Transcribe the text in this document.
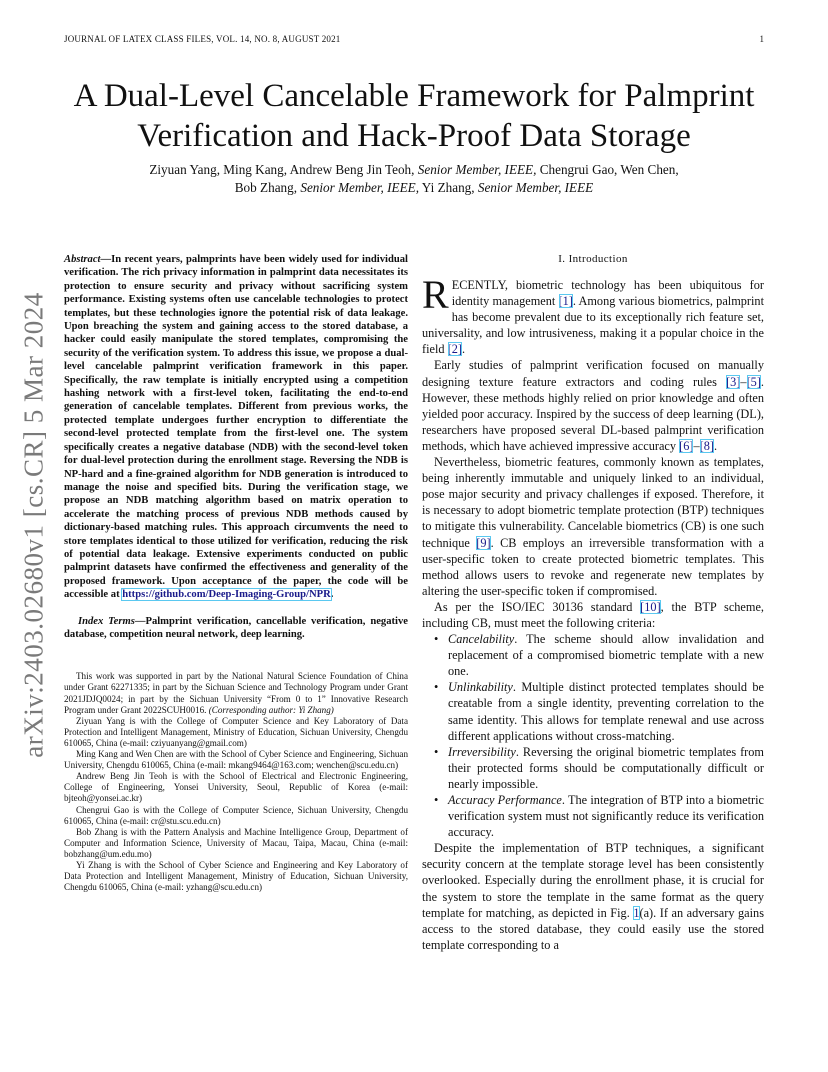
JOURNAL OF LATEX CLASS FILES, VOL. 14, NO. 8, AUGUST 2021	1
arXiv:2403.02680v1 [cs.CR] 5 Mar 2024
A Dual-Level Cancelable Framework for Palmprint Verification and Hack-Proof Data Storage
Ziyuan Yang, Ming Kang, Andrew Beng Jin Teoh, Senior Member, IEEE, Chengrui Gao, Wen Chen,
Bob Zhang, Senior Member, IEEE, Yi Zhang, Senior Member, IEEE
Abstract—In recent years, palmprints have been widely used for individual verification. The rich privacy information in palmprint data necessitates its protection to ensure security and privacy without sacrificing system performance. Existing systems often use cancelable technologies to protect templates, but these technologies ignore the potential risk of data leakage. Upon breaching the system and gaining access to the stored database, a hacker could easily manipulate the stored templates, compromising the security of the verification system. To address this issue, we propose a dual-level cancelable palmprint verification framework in this paper. Specifically, the raw template is initially encrypted using a competition hashing network with a first-level token, facilitating the end-to-end generation of cancelable templates. Different from previous works, the protected template undergoes further encryption to differentiate the second-level protected template from the first-level one. The system specifically creates a negative database (NDB) with the second-level token for dual-level protection during the enrollment stage. Reversing the NDB is NP-hard and a fine-grained algorithm for NDB generation is introduced to manage the noise and specified bits. During the verification stage, we propose an NDB matching algorithm based on matrix operation to accelerate the matching process of previous NDB methods caused by dictionary-based matching rules. This approach circumvents the need to store templates identical to those utilized for verification, reducing the risk of potential data leakage. Extensive experiments conducted on public palmprint datasets have confirmed the effectiveness and generality of the proposed framework. Upon acceptance of the paper, the code will be accessible at https://github.com/Deep-Imaging-Group/NPR.
Index Terms—Palmprint verification, cancellable verification, negative database, competition neural network, deep learning.

This work was supported in part by the National Natural Science Foundation of China under Grant 62271335; in part by the Sichuan Science and Technology Program under Grant 2021JDJQ0024; in part by the Sichuan University “From 0 to 1” Innovative Research Program under Grant 2022SCUH0016. (Corresponding author: Yi Zhang)

Ziyuan Yang is with the College of Computer Science and Key Laboratory of Data Protection and Intelligent Management, Ministry of Education, Sichuan University, Chengdu 610065, China (e-mail: cziyuanyang@gmail.com)

Ming Kang and Wen Chen are with the School of Cyber Science and Engineering, Sichuan University, Chengdu 610065, China (e-mail: mkang9464@163.com; wenchen@scu.edu.cn)

Andrew Beng Jin Teoh is with the School of Electrical and Electronic Engineering, College of Engineering, Yonsei University, Seoul, Republic of Korea (e-mail: bjteoh@yonsei.ac.kr)

Chengrui Gao is with the College of Computer Science, Sichuan University, Chengdu 610065, China (e-mail: cr@stu.scu.edu.cn)

Bob Zhang is with the Pattern Analysis and Machine Intelligence Group, Department of Computer and Information Science, University of Macau, Taipa, Macau, China (e-mail: bobzhang@um.edu.mo)

Yi Zhang is with the School of Cyber Science and Engineering and Key Laboratory of Data Protection and Intelligent Management, Ministry of Education, Sichuan University, Chengdu 610065, China (e-mail: yzhang@scu.edu.cn)

I. Introduction

RECENTLY, biometric technology has been ubiquitous for identity management [1]. Among various biometrics, palmprint has become prevalent due to its exceptionally rich feature set, universality, and low intrusiveness, making it a popular choice in the field [2].

Early studies of palmprint verification focused on manually designing texture feature extractors and coding rules [3]–[5]. However, these methods highly relied on prior knowledge and often yielded poor accuracy. Inspired by the success of deep learning (DL), researchers have proposed several DL-based palmprint verification methods, which have achieved impressive accuracy [6]–[8].

Nevertheless, biometric features, commonly known as templates, being inherently immutable and uniquely linked to an individual, pose major security and privacy challenges if exposed. Therefore, it is necessary to adopt biometric template protection (BTP) techniques to mitigate this vulnerability. Cancelable biometrics (CB) is one such technique [9]. CB employs an irreversible transformation with a user-specific token to create protected biometric templates. This method allows users to revoke and regenerate new templates by altering the user-specific token if compromised.

As per the ISO/IEC 30136 standard [10], the BTP scheme, including CB, must meet the following criteria:

• Cancelability. The scheme should allow invalidation and replacement of a compromised biometric template with a new one.
• Unlinkability. Multiple distinct protected templates should be creatable from a single identity, preventing correlation to the same identity. This allows for template renewal and use across different applications without cross-matching.
• Irreversibility. Reversing the original biometric templates from their protected forms should be computationally difficult or nearly impossible.
• Accuracy Performance. The integration of BTP into a biometric verification system must not significantly reduce its verification accuracy.

Despite the implementation of BTP techniques, a significant security concern at the template storage level has been consistently overlooked. Especially during the enrollment phase, it is crucial for the system to store the template in the same format as the query template for matching, as depicted in Fig. 1(a). If an adversary gains access to the stored database, they could easily use the stored template corresponding to a
